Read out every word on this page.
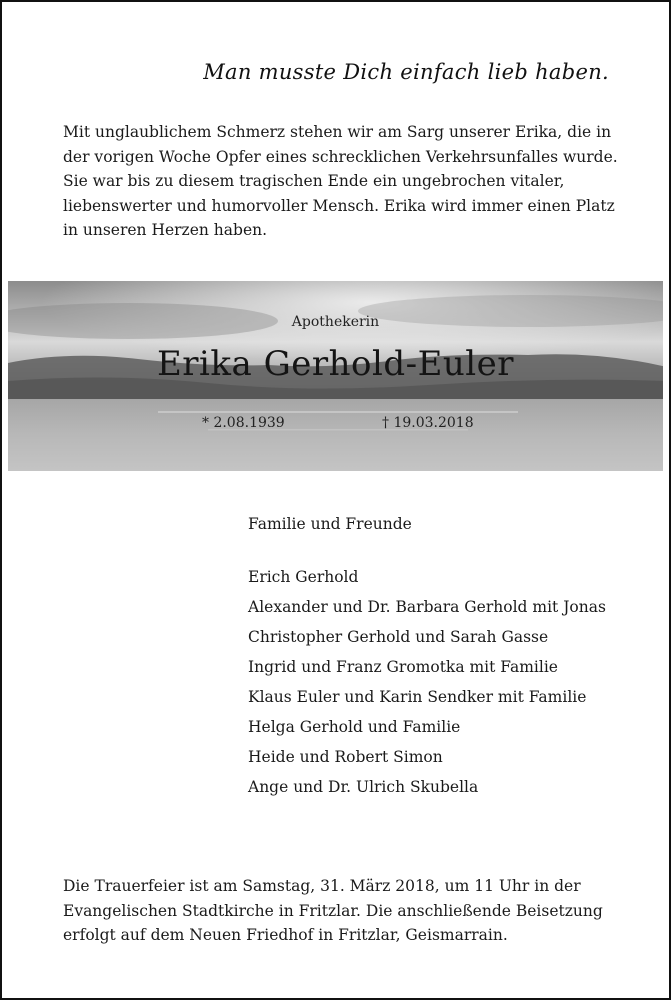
Man musste Dich einfach lieb haben.

Mit unglaublichem Schmerz stehen wir am Sarg unserer Erika, die in
der vorigen Woche Opfer eines schrecklichen Verkehrsunfalles wurde.
Sie war bis zu diesem tragischen Ende ein ungebrochen vitaler,
liebenswerter und humorvoller Mensch. Erika wird immer einen Platz
in unseren Herzen haben.

Apothekerin
Erika Gerhold-Euler
* 2.08.1939	† 19.03.2018
Familie und Freunde
Erich Gerhold
Alexander und Dr. Barbara Gerhold mit Jonas
Christopher Gerhold und Sarah Gasse
Ingrid und Franz Gromotka mit Familie
Klaus Euler und Karin Sendker mit Familie
Helga Gerhold und Familie
Heide und Robert Simon
Ange und Dr. Ulrich Skubella

Die Trauerfeier ist am Samstag, 31. März 2018, um 11 Uhr in der
Evangelischen Stadtkirche in Fritzlar. Die anschließende Beisetzung
erfolgt auf dem Neuen Friedhof in Fritzlar, Geismarrain.
